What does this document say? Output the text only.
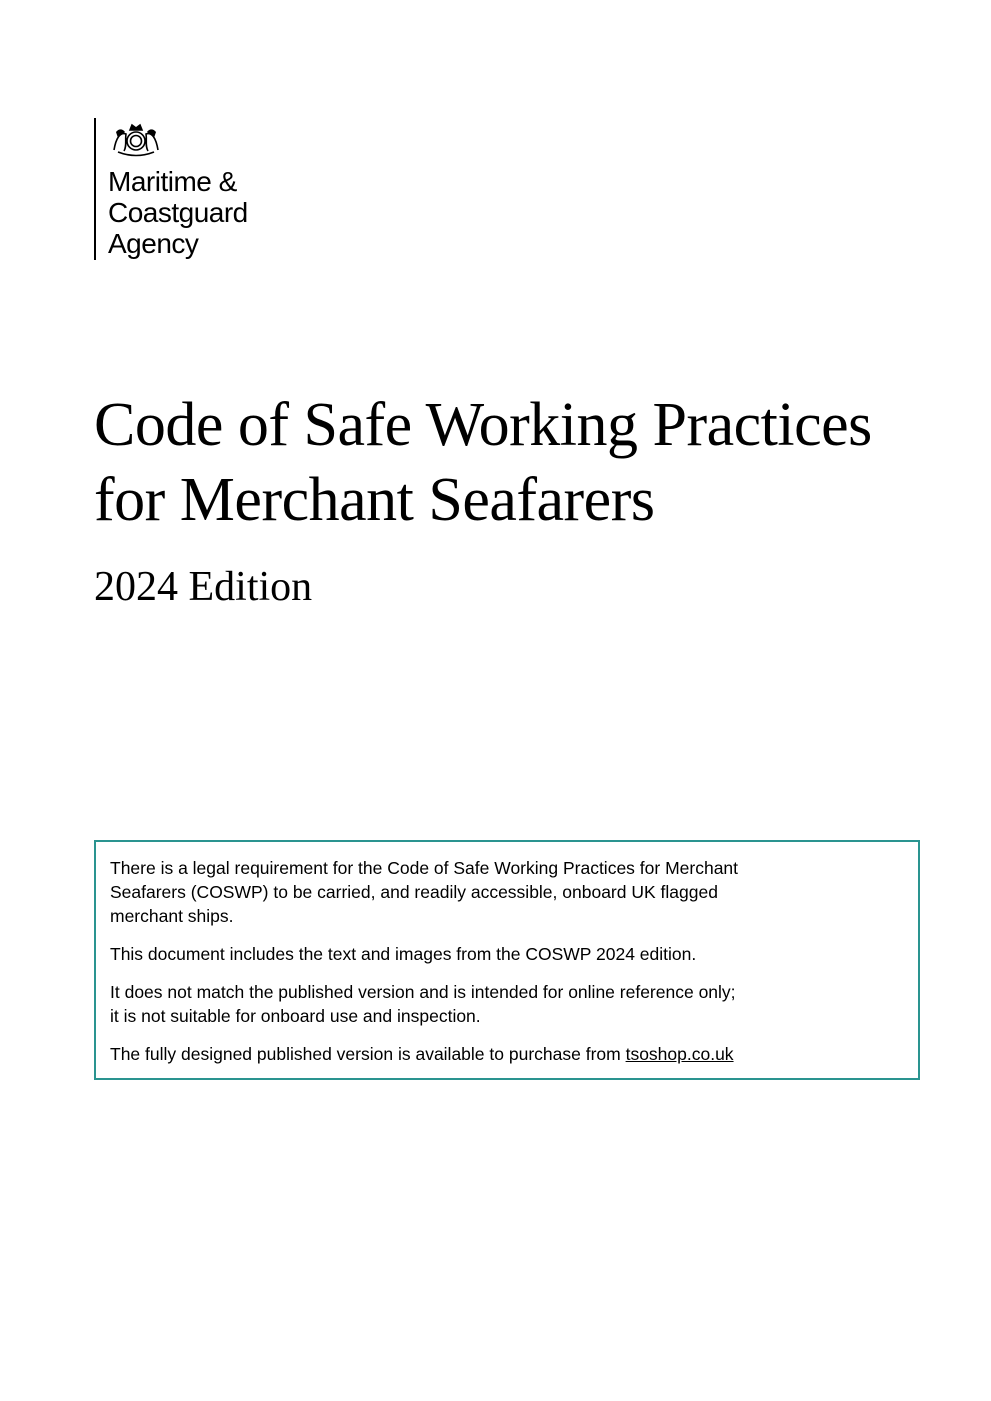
Maritime &
Coastguard
Agency
Code of Safe Working Practices
for Merchant Seafarers
2024 Edition

There is a legal requirement for the Code of Safe Working Practices for Merchant
Seafarers (COSWP) to be carried, and readily accessible, onboard UK flagged
merchant ships.

This document includes the text and images from the COSWP 2024 edition.

It does not match the published version and is intended for online reference only;
it is not suitable for onboard use and inspection.

The fully designed published version is available to purchase from tsoshop.co.uk
